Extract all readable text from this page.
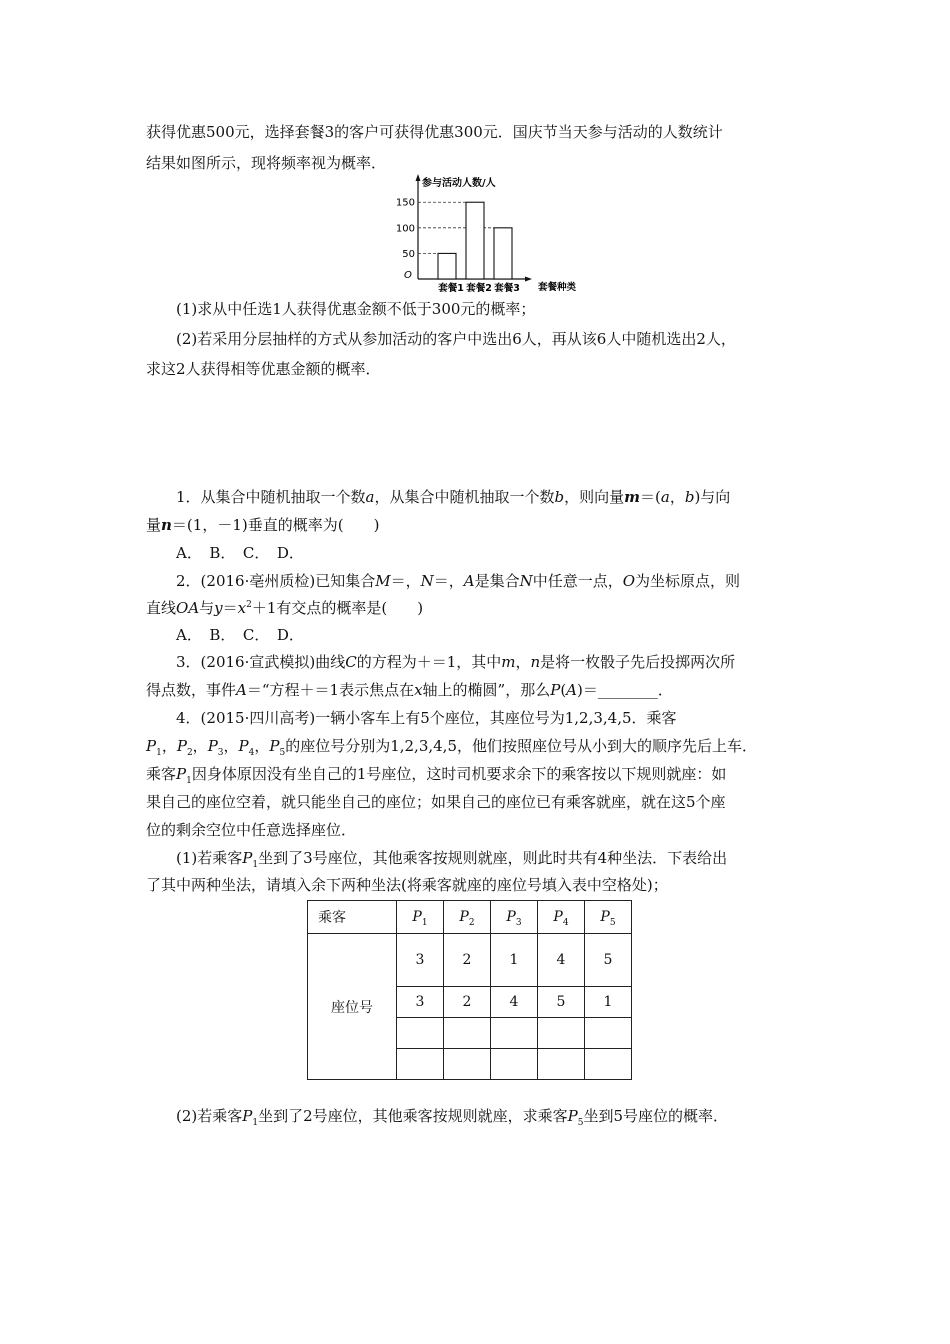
获得优惠500元，选择套餐3的客户可获得优惠300元．国庆节当天参与活动的人数统计
结果如图所示，现将频率视为概率．
50
100
150
套餐1 套餐2 套餐3
参与活动人数/人
O
套餐种类
(1)求从中任选1人获得优惠金额不低于300元的概率；
(2)若采用分层抽样的方式从参加活动的客户中选出6人，再从该6人中随机选出2人，
求这2人获得相等优惠金额的概率．
1．从集合中随机抽取一个数a，从集合中随机抽取一个数b，则向量m＝(a，b)与向
量n＝(1，－1)垂直的概率为(　　)
A．　B．　C．　D．
2．(2016·亳州质检)已知集合M＝，N＝，A是集合N中任意一点，O为坐标原点，则
直线OA与$y=x^2+1$有交点的概率是(　　)
A．　B．　C．　D．
3．(2016·宣武模拟)曲线C的方程为＋＝1，其中m，n是将一枚骰子先后投掷两次所
得点数，事件A＝“方程＋＝1表示焦点在x轴上的椭圆”，那么P(A)＝________．
4．(2015·四川高考)一辆小客车上有5个座位，其座位号为1,2,3,4,5．乘客
$P_1$，$P_2$，$P_3$，$P_4$，$P_5$的座位号分别为1,2,3,4,5，他们按照座位号从小到大的顺序先后上车．
乘客$P_1$因身体原因没有坐自己的1号座位，这时司机要求余下的乘客按以下规则就座：如
果自己的座位空着，就只能坐自己的座位；如果自己的座位已有乘客就座，就在这5个座
位的剩余空位中任意选择座位．
(1)若乘客$P_1$坐到了3号座位，其他乘客按规则就座，则此时共有4种坐法．下表给出
了其中两种坐法，请填入余下两种坐法(将乘客就座的座位号填入表中空格处)；
乘客	$P_1$	$P_2$	$P_3$	$P_4$	$P_5$
座位号	3	2	1	4	5
	3	2	4	5	1

(2)若乘客$P_1$坐到了2号座位，其他乘客按规则就座，求乘客$P_5$坐到5号座位的概率．
